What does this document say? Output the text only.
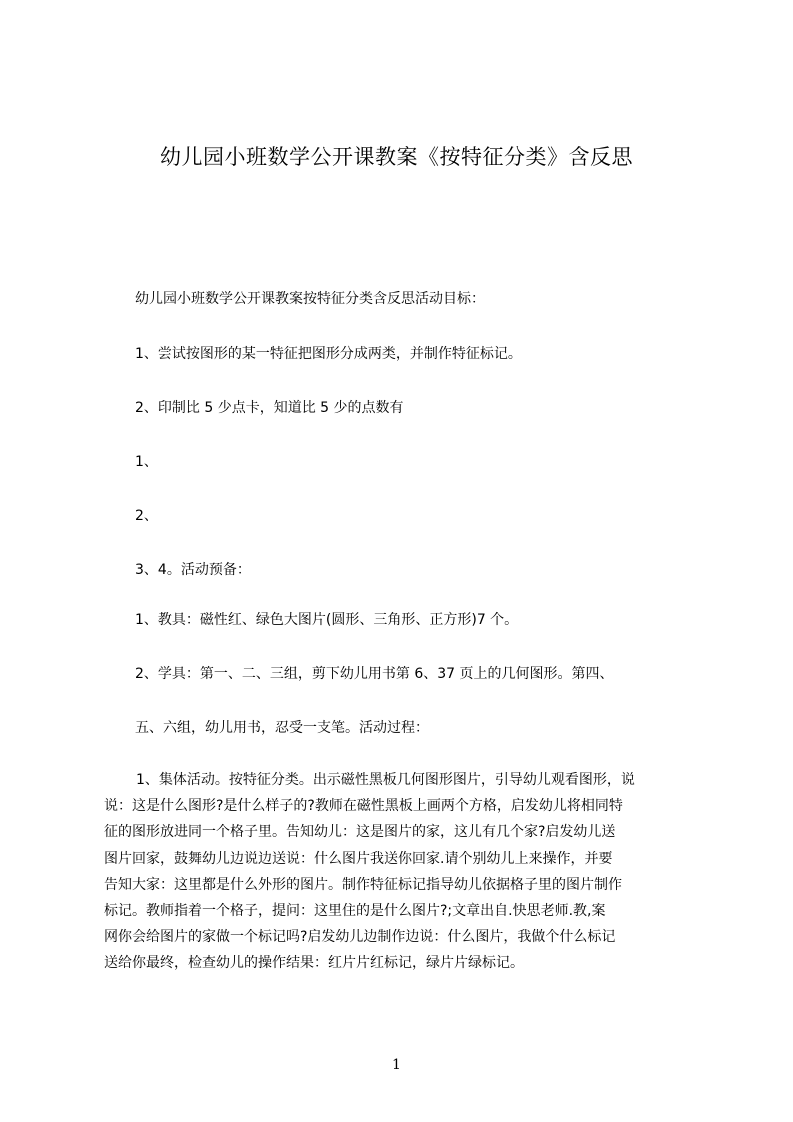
幼儿园小班数学公开课教案《按特征分类》含反思
幼儿园小班数学公开课教案按特征分类含反思活动目标：
1、尝试按图形的某一特征把图形分成两类，并制作特征标记。
2、印制比 5 少点卡，知道比 5 少的点数有
1、
2、
3、4。活动预备：
1、教具：磁性红、绿色大图片(圆形、三角形、正方形)7 个。
2、学具：第一、二、三组，剪下幼儿用书第 6、37 页上的几何图形。第四、
五、六组，幼儿用书，忍受一支笔。活动过程：
1、集体活动。按特征分类。出示磁性黑板几何图形图片，引导幼儿观看图形，说
说：这是什么图形?是什么样子的?教师在磁性黑板上画两个方格，启发幼儿将相同特
征的图形放进同一个格子里。告知幼儿：这是图片的家，这儿有几个家?启发幼儿送
图片回家，鼓舞幼儿边说边送说：什么图片我送你回家.请个别幼儿上来操作，并要
告知大家：这里都是什么外形的图片。制作特征标记指导幼儿依据格子里的图片制作
标记。教师指着一个格子，提问：这里住的是什么图片?;文章出自.快思老师.教,案
网你会给图片的家做一个标记吗?启发幼儿边制作边说：什么图片，我做个什么标记
送给你最终，检查幼儿的操作结果：红片片红标记，绿片片绿标记。
1
